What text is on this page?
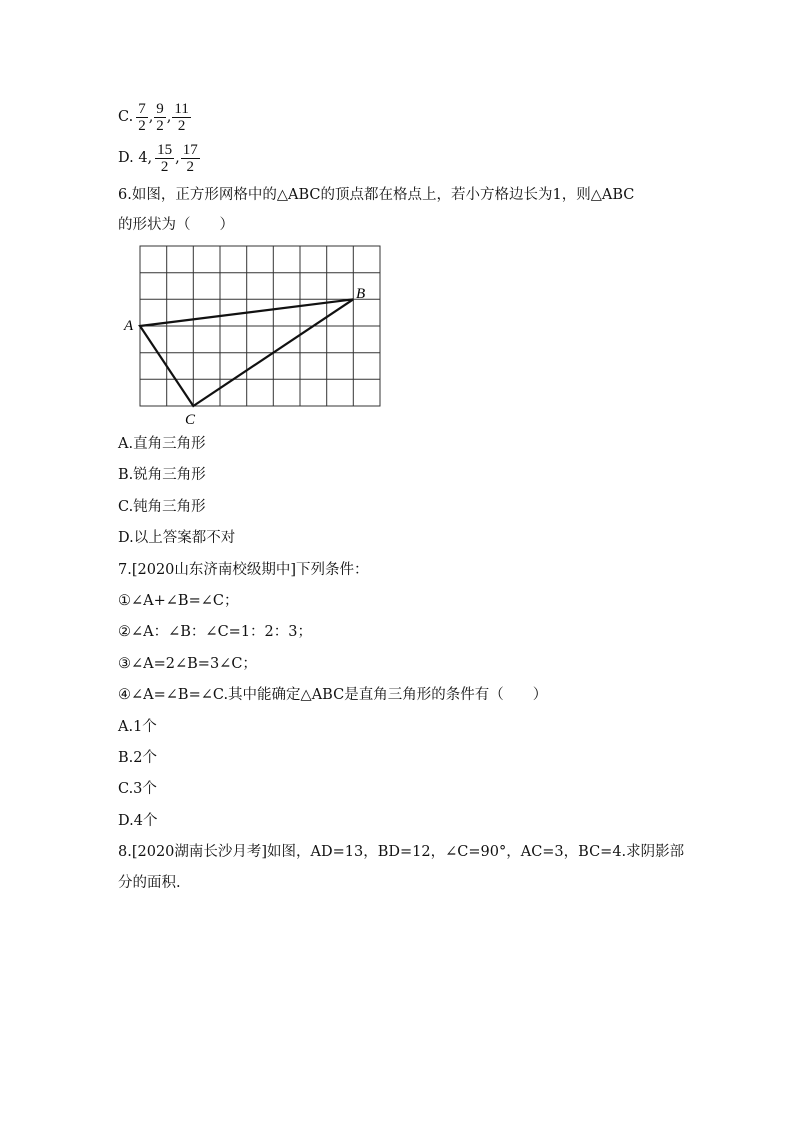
C. $\frac{7}{2}$ , $\frac{9}{2}$ , $\frac{11}{2}$
D. 4, $\frac{15}{2}$ , $\frac{17}{2}$
6.如图，正方形网格中的△ABC的顶点都在格点上，若小方格边长为1，则△ABC
的形状为（　　）
A
B
C
A.直角三角形
B.锐角三角形
C.钝角三角形
D.以上答案都不对
7.[2020山东济南校级期中]下列条件：
①∠A+∠B=∠C；
②∠A：∠B：∠C=1：2：3；
③∠A=2∠B=3∠C；
④∠A=∠B=∠C.其中能确定△ABC是直角三角形的条件有（　　）
A.1个
B.2个
C.3个
D.4个
8.[2020湖南长沙月考]如图，AD=13，BD=12，∠C=90°，AC=3，BC=4.求阴影部
分的面积.
